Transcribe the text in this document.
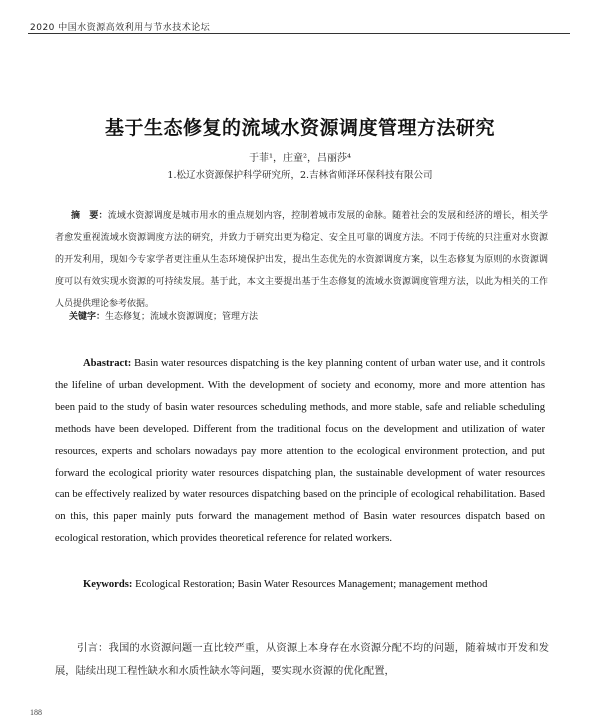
2020 中国水资源高效利用与节水技术论坛
基于生态修复的流域水资源调度管理方法研究
于菲¹，庄童²，吕丽莎⁴
1.松辽水资源保护科学研究所，2.吉林省师泽环保科技有限公司
摘　要：流域水资源调度是城市用水的重点规划内容，控制着城市发展的命脉。随着社会的发展和经济的增长，相关学者愈发重视流域水资源调度方法的研究，并致力于研究出更为稳定、安全且可靠的调度方法。不同于传统的只注重对水资源的开发利用，现如今专家学者更注重从生态环境保护出发，提出生态优先的水资源调度方案，以生态修复为原则的水资源调度可以有效实现水资源的可持续发展。基于此，本文主要提出基于生态修复的流域水资源调度管理方法，以此为相关的工作人员提供理论参考依据。
关键字：生态修复；流域水资源调度；管理方法
Abastract: Basin water resources dispatching is the key planning content of urban water use, and it controls the lifeline of urban development. With the development of society and economy, more and more attention has been paid to the study of basin water resources scheduling methods, and more stable, safe and reliable scheduling methods have been developed. Different from the traditional focus on the development and utilization of water resources, experts and scholars nowadays pay more attention to the ecological environment protection, and put forward the ecological priority water resources dispatching plan, the sustainable development of water resources can be effectively realized by water resources dispatching based on the principle of ecological rehabilitation. Based on this, this paper mainly puts forward the management method of Basin water resources dispatch based on ecological restoration, which provides theoretical reference for related workers.
Keywords: Ecological Restoration; Basin Water Resources Management; management method
引言：我国的水资源问题一直比较严重，从资源上本身存在水资源分配不均的问题，随着城市开发和发展，陆续出现工程性缺水和水质性缺水等问题，要实现水资源的优化配置，
188
